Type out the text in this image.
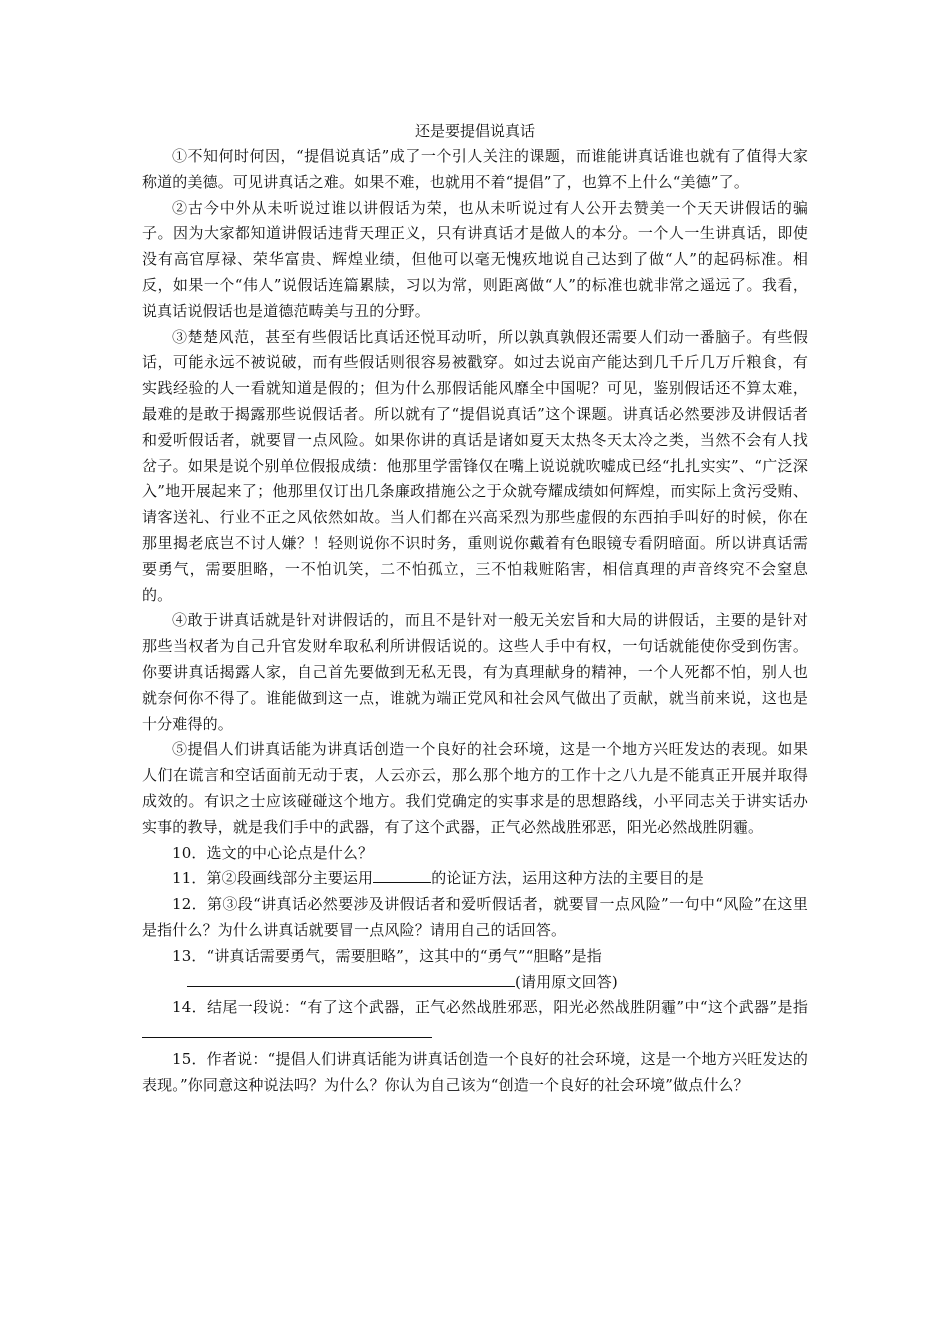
还是要提倡说真话

①不知何时何因，“提倡说真话”成了一个引人关注的课题，而谁能讲真话谁也就有了值得大家称道的美德。可见讲真话之难。如果不难，也就用不着“提倡”了，也算不上什么“美德”了。

②古今中外从未听说过谁以讲假话为荣，也从未听说过有人公开去赞美一个天天讲假话的骗子。因为大家都知道讲假话违背天理正义，只有讲真话才是做人的本分。一个人一生讲真话，即使没有高官厚禄、荣华富贵、辉煌业绩，但他可以毫无愧疚地说自己达到了做“人”的起码标准。相反，如果一个“伟人”说假话连篇累牍，习以为常，则距离做“人”的标准也就非常之遥远了。我看，说真话说假话也是道德范畴美与丑的分野。

③楚楚风范，甚至有些假话比真话还悦耳动听，所以孰真孰假还需要人们动一番脑子。有些假话，可能永远不被说破，而有些假话则很容易被戳穿。如过去说亩产能达到几千斤几万斤粮食，有实践经验的人一看就知道是假的；但为什么那假话能风靡全中国呢？可见，鉴别假话还不算太难，最难的是敢于揭露那些说假话者。所以就有了“提倡说真话”这个课题。讲真话必然要涉及讲假话者和爱听假话者，就要冒一点风险。如果你讲的真话是诸如夏天太热冬天太冷之类，当然不会有人找岔子。如果是说个别单位假报成绩：他那里学雷锋仅在嘴上说说就吹嘘成已经“扎扎实实”、“广泛深入”地开展起来了；他那里仅订出几条廉政措施公之于众就夸耀成绩如何辉煌，而实际上贪污受贿、请客送礼、行业不正之风依然如故。当人们都在兴高采烈为那些虚假的东西拍手叫好的时候，你在那里揭老底岂不讨人嫌？！轻则说你不识时务，重则说你戴着有色眼镜专看阴暗面。所以讲真话需要勇气，需要胆略，一不怕讥笑，二不怕孤立，三不怕栽赃陷害，相信真理的声音终究不会窒息的。

④敢于讲真话就是针对讲假话的，而且不是针对一般无关宏旨和大局的讲假话，主要的是针对那些当权者为自己升官发财牟取私利所讲假话说的。这些人手中有权，一句话就能使你受到伤害。你要讲真话揭露人家，自己首先要做到无私无畏，有为真理献身的精神，一个人死都不怕，别人也就奈何你不得了。谁能做到这一点，谁就为端正党风和社会风气做出了贡献，就当前来说，这也是十分难得的。

⑤提倡人们讲真话能为讲真话创造一个良好的社会环境，这是一个地方兴旺发达的表现。如果人们在谎言和空话面前无动于衷，人云亦云，那么那个地方的工作十之八九是不能真正开展并取得成效的。有识之士应该碰碰这个地方。我们党确定的实事求是的思想路线，小平同志关于讲实话办实事的教导，就是我们手中的武器，有了这个武器，正气必然战胜邪恶，阳光必然战胜阴霾。

10．选文的中心论点是什么？

11．第②段画线部分主要运用	的论证方法，运用这种方法的主要目的是

12．第③段“讲真话必然要涉及讲假话者和爱听假话者，就要冒一点风险”一句中“风险”在这里是指什么？为什么讲真话就要冒一点风险？请用自己的话回答。

13．“讲真话需要勇气，需要胆略”，这其中的“勇气”“胆略”是指
(请用原文回答)

14．结尾一段说：“有了这个武器，正气必然战胜邪恶，阳光必然战胜阴霾”中“这个武器”是指

15．作者说：“提倡人们讲真话能为讲真话创造一个良好的社会环境，这是一个地方兴旺发达的表现。”你同意这种说法吗？为什么？你认为自己该为“创造一个良好的社会环境”做点什么？
